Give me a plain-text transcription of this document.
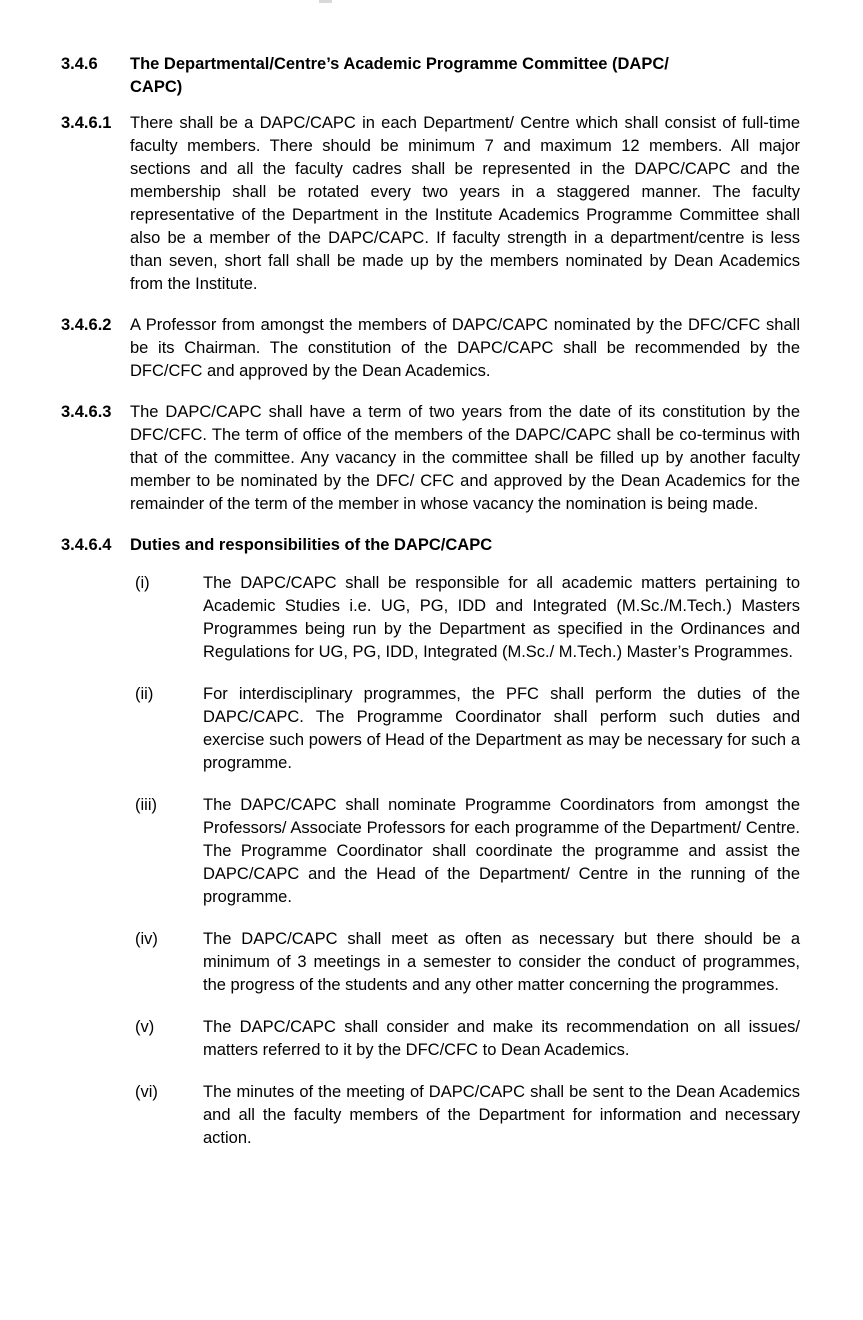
3.4.6	The Departmental/Centre’s Academic Programme Committee (DAPC/
CAPC)
3.4.6.1	There shall be a DAPC/CAPC in each Department/ Centre which shall consist of full-time faculty members. There should be minimum 7 and maximum 12 members. All major sections and all the faculty cadres shall be represented in the DAPC/CAPC and the membership shall be rotated every two years in a staggered manner. The faculty representative of the Department in the Institute Academics Programme Committee shall also be a member of the DAPC/CAPC. If faculty strength in a department/centre is less than seven, short fall shall be made up by the members nominated by Dean Academics from the Institute.
3.4.6.2	A Professor from amongst the members of DAPC/CAPC nominated by the DFC/CFC shall be its Chairman. The constitution of the DAPC/CAPC shall be recommended by the DFC/CFC and approved by the Dean Academics.
3.4.6.3	The DAPC/CAPC shall have a term of two years from the date of its constitution by the DFC/CFC. The term of office of the members of the DAPC/CAPC shall be co-terminus with that of the committee. Any vacancy in the committee shall be filled up by another faculty member to be nominated by the DFC/ CFC and approved by the Dean Academics for the remainder of the term of the member in whose vacancy the nomination is being made.
3.4.6.4	Duties and responsibilities of the DAPC/CAPC
(i)	The DAPC/CAPC shall be responsible for all academic matters pertaining to Academic Studies i.e. UG, PG, IDD and Integrated (M.Sc./M.Tech.) Masters Programmes being run by the Department as specified in the Ordinances and Regulations for UG, PG, IDD, Integrated (M.Sc./ M.Tech.) Master’s Programmes.
(ii)	For interdisciplinary programmes, the PFC shall perform the duties of the DAPC/CAPC. The Programme Coordinator shall perform such duties and exercise such powers of Head of the Department as may be necessary for such a programme.
(iii)	The DAPC/CAPC shall nominate Programme Coordinators from amongst the Professors/ Associate Professors for each programme of the Department/ Centre. The Programme Coordinator shall coordinate the programme and assist the DAPC/CAPC and the Head of the Department/ Centre in the running of the programme.
(iv)	The DAPC/CAPC shall meet as often as necessary but there should be a minimum of 3 meetings in a semester to consider the conduct of programmes, the progress of the students and any other matter concerning the programmes.
(v)	The DAPC/CAPC shall consider and make its recommendation on all issues/ matters referred to it by the DFC/CFC to Dean Academics.
(vi)	The minutes of the meeting of DAPC/CAPC shall be sent to the Dean Academics and all the faculty members of the Department for information and necessary action.
